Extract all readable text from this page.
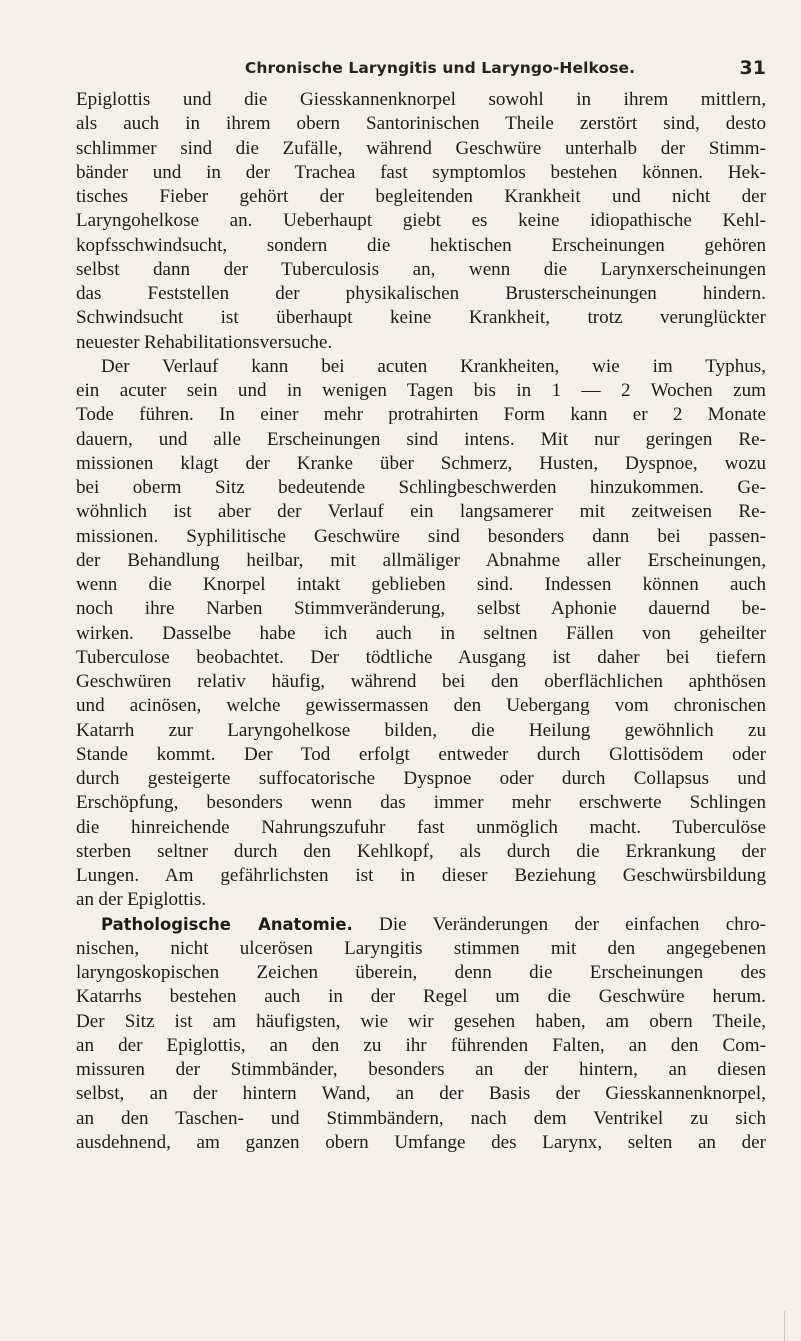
Chronische Laryngitis und Laryngo-Helkose.	31
Epiglottis und die Giesskannenknorpel sowohl in ihrem mittlern,
als auch in ihrem obern Santorinischen Theile zerstört sind, desto
schlimmer sind die Zufälle, während Geschwüre unterhalb der Stimm-
bänder und in der Trachea fast symptomlos bestehen können. Hek-
tisches Fieber gehört der begleitenden Krankheit und nicht der
Laryngohelkose an. Ueberhaupt giebt es keine idiopathische Kehl-
kopfsschwindsucht, sondern die hektischen Erscheinungen gehören
selbst dann der Tuberculosis an, wenn die Larynxerscheinungen
das Feststellen der physikalischen Brusterscheinungen hindern.
Schwindsucht ist überhaupt keine Krankheit, trotz verunglückter
neuester Rehabilitationsversuche.
Der Verlauf kann bei acuten Krankheiten, wie im Typhus,
ein acuter sein und in wenigen Tagen bis in 1 — 2 Wochen zum
Tode führen. In einer mehr protrahirten Form kann er 2 Monate
dauern, und alle Erscheinungen sind intens. Mit nur geringen Re-
missionen klagt der Kranke über Schmerz, Husten, Dyspnoe, wozu
bei oberm Sitz bedeutende Schlingbeschwerden hinzukommen. Ge-
wöhnlich ist aber der Verlauf ein langsamerer mit zeitweisen Re-
missionen. Syphilitische Geschwüre sind besonders dann bei passen-
der Behandlung heilbar, mit allmäliger Abnahme aller Erscheinungen,
wenn die Knorpel intakt geblieben sind. Indessen können auch
noch ihre Narben Stimmveränderung, selbst Aphonie dauernd be-
wirken. Dasselbe habe ich auch in seltnen Fällen von geheilter
Tuberculose beobachtet. Der tödtliche Ausgang ist daher bei tiefern
Geschwüren relativ häufig, während bei den oberflächlichen aphthösen
und acinösen, welche gewissermassen den Uebergang vom chronischen
Katarrh zur Laryngohelkose bilden, die Heilung gewöhnlich zu
Stande kommt. Der Tod erfolgt entweder durch Glottisödem oder
durch gesteigerte suffocatorische Dyspnoe oder durch Collapsus und
Erschöpfung, besonders wenn das immer mehr erschwerte Schlingen
die hinreichende Nahrungszufuhr fast unmöglich macht. Tuberculöse
sterben seltner durch den Kehlkopf, als durch die Erkrankung der
Lungen. Am gefährlichsten ist in dieser Beziehung Geschwürsbildung
an der Epiglottis.
Pathologische Anatomie. Die Veränderungen der einfachen chro-
nischen, nicht ulcerösen Laryngitis stimmen mit den angegebenen
laryngoskopischen Zeichen überein, denn die Erscheinungen des
Katarrhs bestehen auch in der Regel um die Geschwüre herum.
Der Sitz ist am häufigsten, wie wir gesehen haben, am obern Theile,
an der Epiglottis, an den zu ihr führenden Falten, an den Com-
missuren der Stimmbänder, besonders an der hintern, an diesen
selbst, an der hintern Wand, an der Basis der Giesskannenknorpel,
an den Taschen- und Stimmbändern, nach dem Ventrikel zu sich
ausdehnend, am ganzen obern Umfange des Larynx, selten an der
